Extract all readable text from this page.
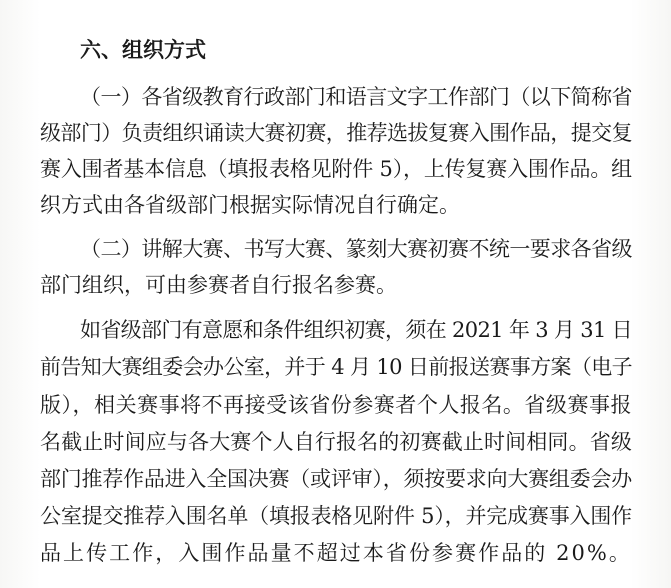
六、组织方式
（一）各省级教育行政部门和语言文字工作部门（以下简称省
级部门）负责组织诵读大赛初赛，推荐选拔复赛入围作品，提交复
赛入围者基本信息（填报表格见附件 5），上传复赛入围作品。组
织方式由各省级部门根据实际情况自行确定。
（二）讲解大赛、书写大赛、篆刻大赛初赛不统一要求各省级
部门组织，可由参赛者自行报名参赛。
如省级部门有意愿和条件组织初赛，须在 2021 年 3 月 31 日
前告知大赛组委会办公室，并于 4 月 10 日前报送赛事方案（电子
版），相关赛事将不再接受该省份参赛者个人报名。省级赛事报
名截止时间应与各大赛个人自行报名的初赛截止时间相同。省级
部门推荐作品进入全国决赛（或评审），须按要求向大赛组委会办
公室提交推荐入围名单（填报表格见附件 5），并完成赛事入围作
品上传工作，入围作品量不超过本省份参赛作品的 20%。
